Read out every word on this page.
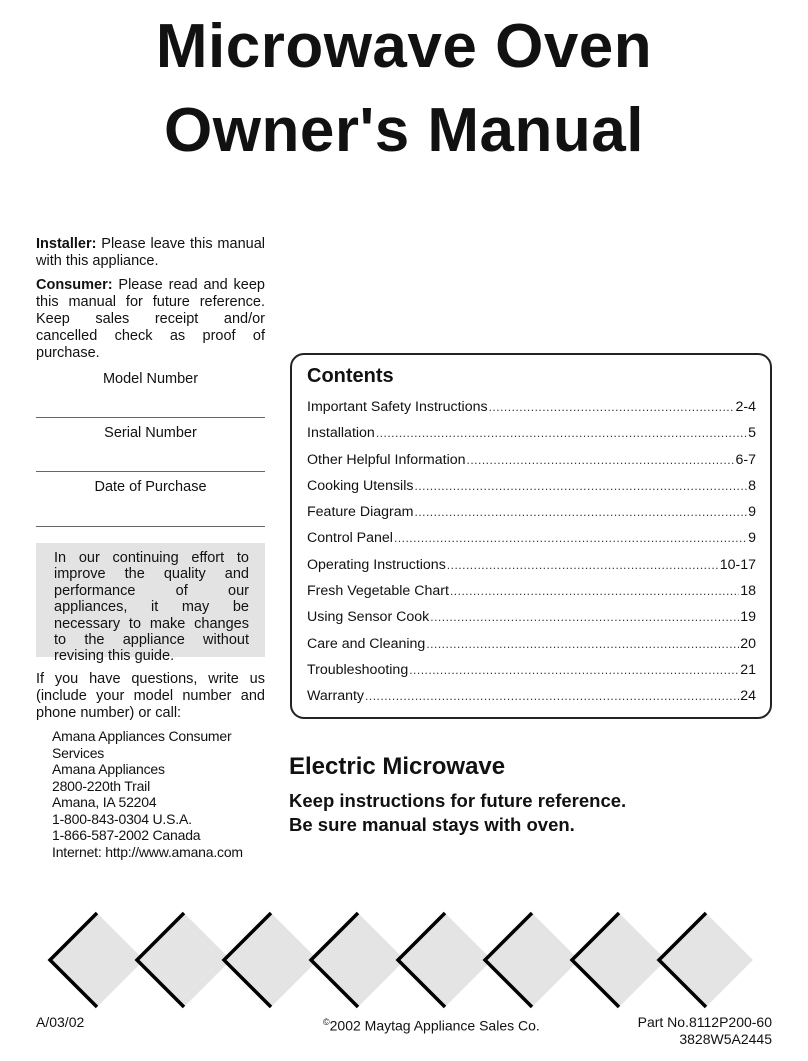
Microwave Oven
Owner's Manual

Installer: Please leave this manual with this appliance.

Consumer: Please read and keep this manual for future reference. Keep sales receipt and/or cancelled check as proof of purchase.

Model Number
Serial Number
Date of Purchase
In our continuing effort to improve the quality and performance of our appliances, it may be necessary to make changes to the appliance without revising this guide.

If you have questions, write us (include your model number and phone number) or call:

Amana Appliances Consumer
Services
Amana Appliances
2800-220th Trail
Amana, IA 52204
1-800-843-0304 U.S.A.
1-866-587-2002 Canada
Internet: http://www.amana.com
Contents
Important Safety Instructions .....	2-4
Installation .....	5
Other Helpful Information .....	6-7
Cooking Utensils .....	8
Feature Diagram .....	9
Control Panel .....	9
Operating Instructions .....	10-17
Fresh Vegetable Chart .....	18
Using Sensor Cook .....	19
Care and Cleaning .....	20
Troubleshooting .....	21
Warranty .....	24
Electric Microwave
Keep instructions for future reference.
Be sure manual stays with oven.
A/03/02	©2002 Maytag Appliance Sales Co.	Part No.8112P200-60
3828W5A2445
